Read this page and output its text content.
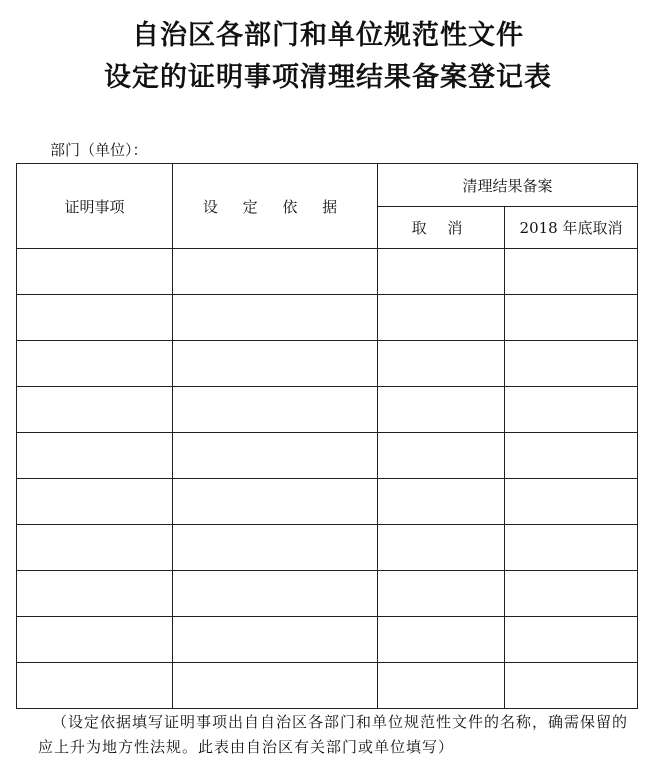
自治区各部门和单位规范性文件
设定的证明事项清理结果备案登记表
部门（单位）：
证明事项	设 定 依 据	清理结果备案	
		取 消	2018 年底取消

（设定依据填写证明事项出自自治区各部门和单位规范性文件的名称，确需保留的应上升为地方性法规。此表由自治区有关部门或单位填写）
